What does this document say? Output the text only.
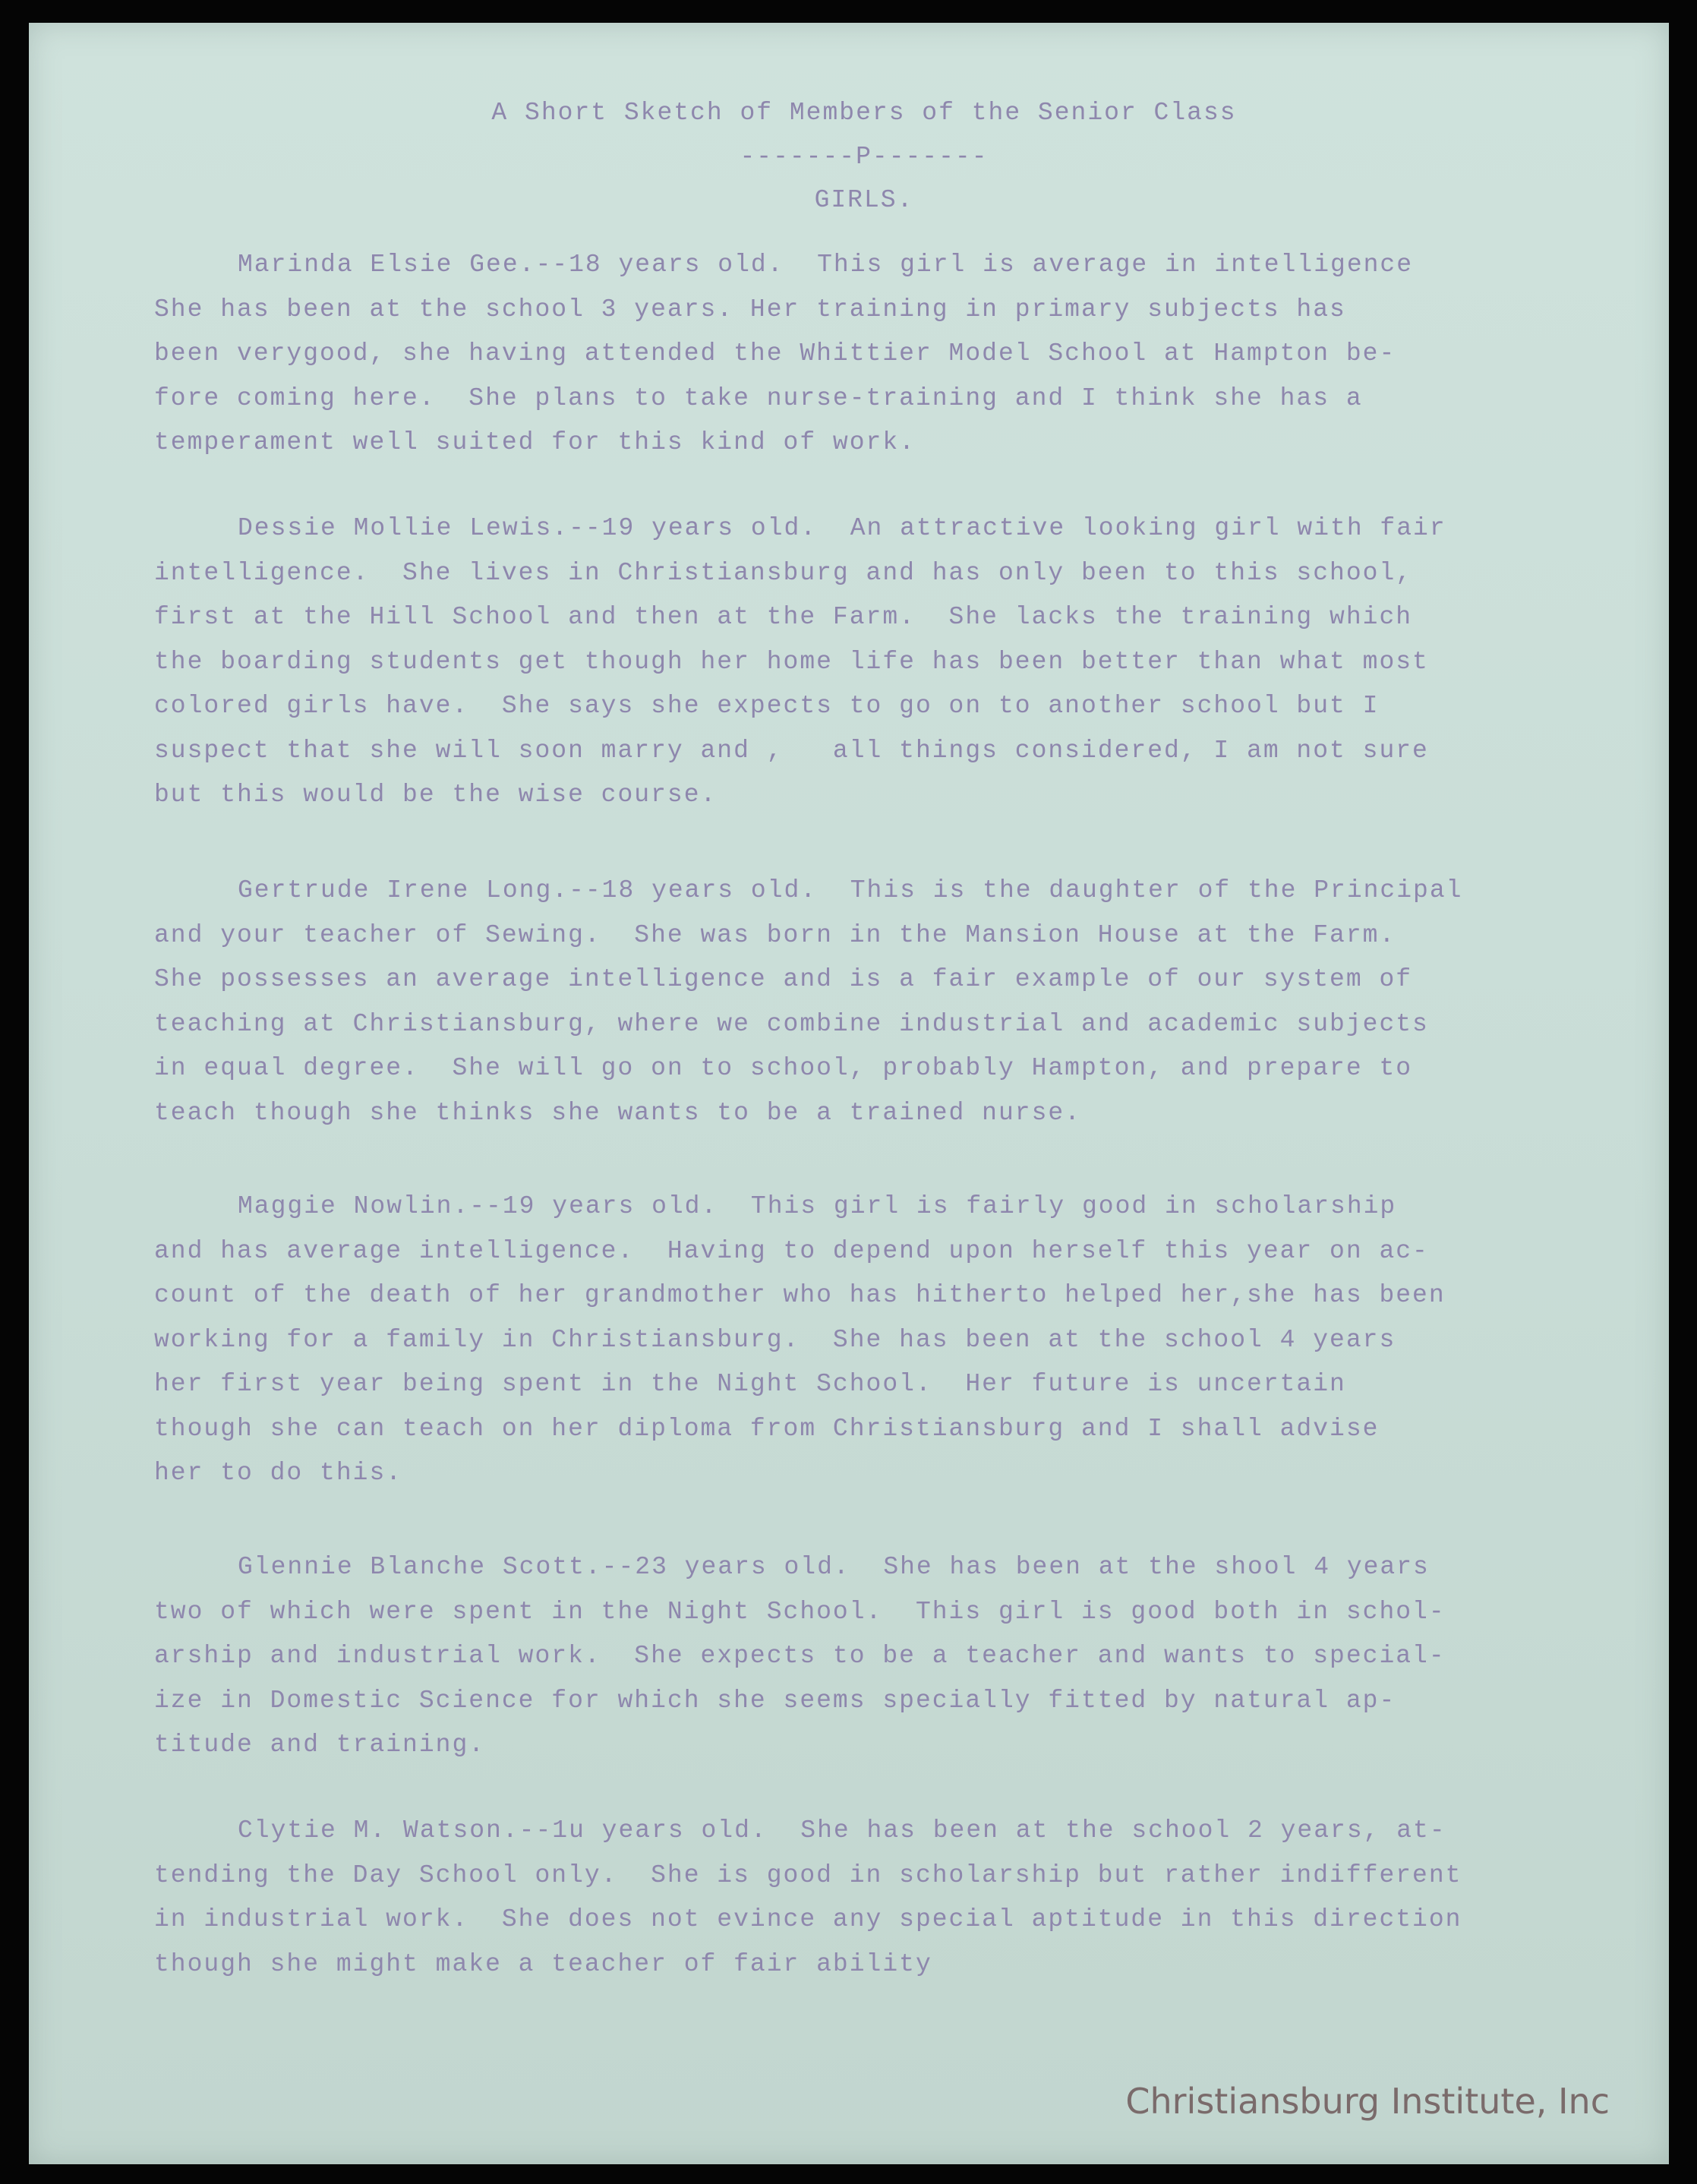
A Short Sketch of Members of the Senior Class
-------P-------
GIRLS.
Marinda Elsie Gee.--18 years old.  This girl is average in intelligence
She has been at the school 3 years. Her training in primary subjects has
been verygood, she having attended the Whittier Model School at Hampton be-
fore coming here.  She plans to take nurse-training and I think she has a
temperament well suited for this kind of work.
Dessie Mollie Lewis.--19 years old.  An attractive looking girl with fair
intelligence.  She lives in Christiansburg and has only been to this school,
first at the Hill School and then at the Farm.  She lacks the training which
the boarding students get though her home life has been better than what most
colored girls have.  She says she expects to go on to another school but I
suspect that she will soon marry and ,   all things considered, I am not sure
but this would be the wise course.
Gertrude Irene Long.--18 years old.  This is the daughter of the Principal
and your teacher of Sewing.  She was born in the Mansion House at the Farm.
She possesses an average intelligence and is a fair example of our system of
teaching at Christiansburg, where we combine industrial and academic subjects
in equal degree.  She will go on to school, probably Hampton, and prepare to
teach though she thinks she wants to be a trained nurse.
Maggie Nowlin.--19 years old.  This girl is fairly good in scholarship
and has average intelligence.  Having to depend upon herself this year on ac-
count of the death of her grandmother who has hitherto helped her,she has been
working for a family in Christiansburg.  She has been at the school 4 years
her first year being spent in the Night School.  Her future is uncertain
though she can teach on her diploma from Christiansburg and I shall advise
her to do this.
Glennie Blanche Scott.--23 years old.  She has been at the shool 4 years
two of which were spent in the Night School.  This girl is good both in schol-
arship and industrial work.  She expects to be a teacher and wants to special-
ize in Domestic Science for which she seems specially fitted by natural ap-
titude and training.
Clytie M. Watson.--1u years old.  She has been at the school 2 years, at-
tending the Day School only.  She is good in scholarship but rather indifferent
in industrial work.  She does not evince any special aptitude in this direction
though she might make a teacher of fair ability
Christiansburg Institute, Inc
